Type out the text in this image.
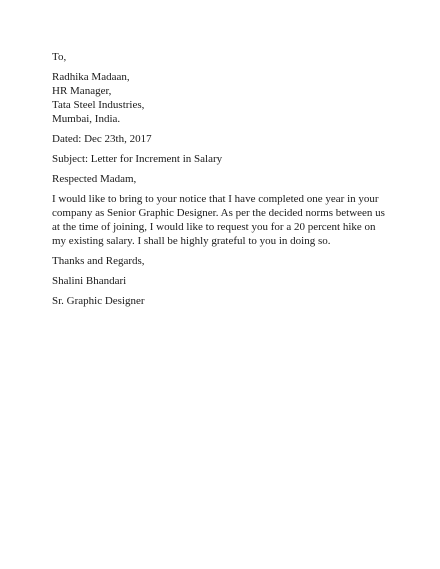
To,

Radhika Madaan,
HR Manager,
Tata Steel Industries,
Mumbai, India.

Dated: Dec 23th, 2017

Subject: Letter for Increment in Salary

Respected Madam,

I would like to bring to your notice that I have completed one year in your
company as Senior Graphic Designer. As per the decided norms between us
at the time of joining, I would like to request you for a 20 percent hike on
my existing salary. I shall be highly grateful to you in doing so.

Thanks and Regards,

Shalini Bhandari

Sr. Graphic Designer
